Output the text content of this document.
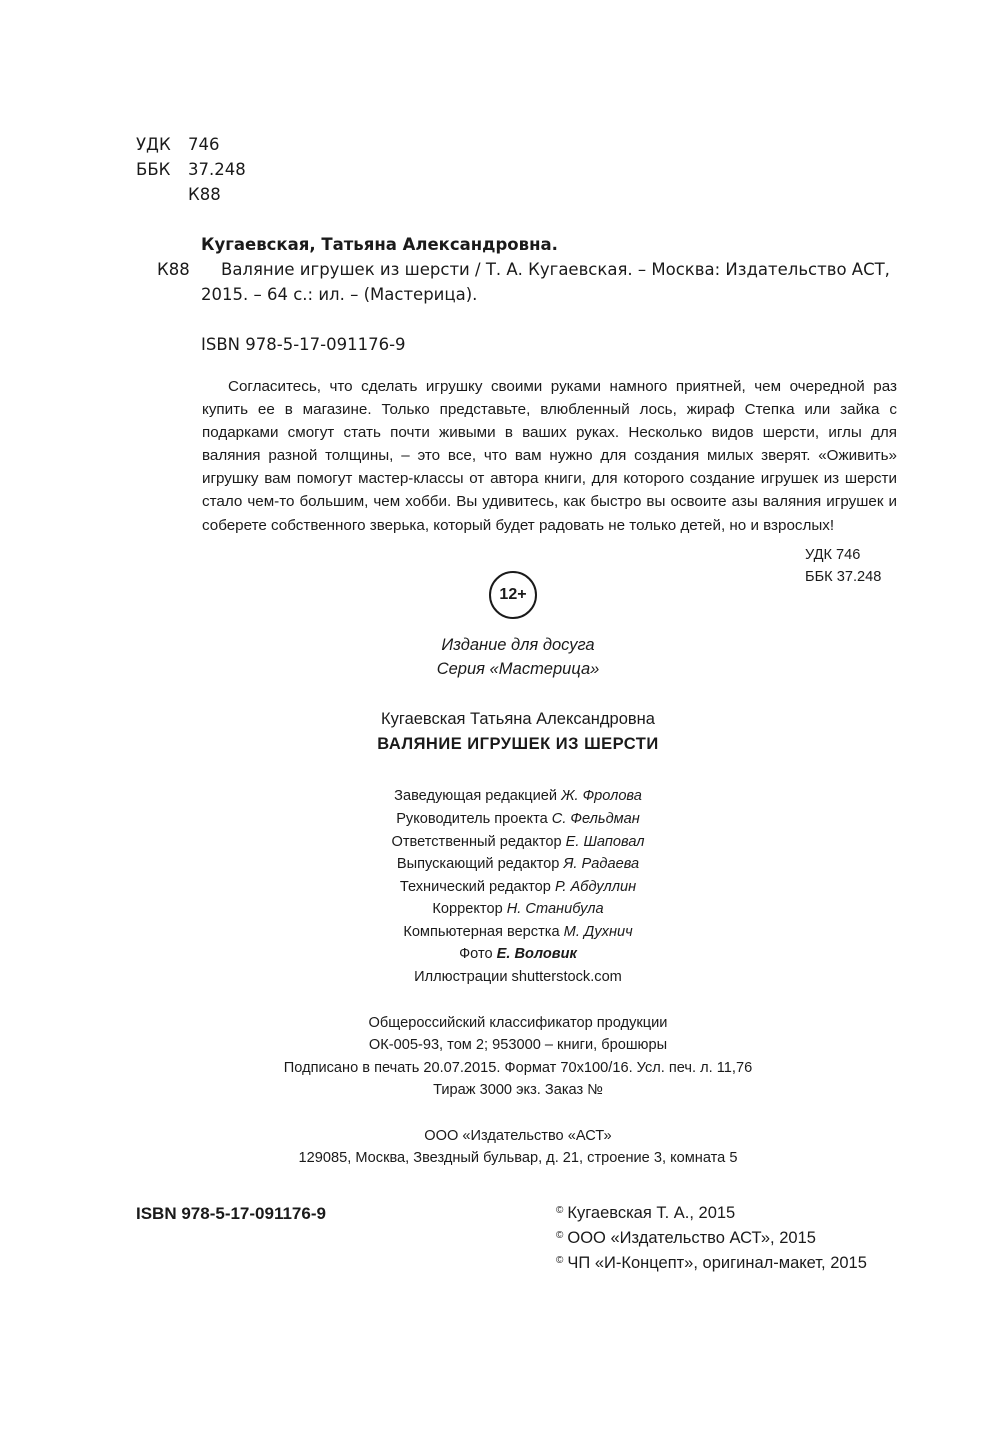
УДК 746
ББК 37.248
К88
Кугаевская, Татьяна Александровна.
К88 Валяние игрушек из шерсти / Т. А. Кугаевская. – Москва: Издательство АСТ,
2015. – 64 с.: ил. – (Мастерица).
ISBN 978-5-17-091176-9

Согласитесь, что сделать игрушку своими руками намного приятней, чем очередной раз купить ее в магазине. Только представьте, влюбленный лось, жираф Степка или зайка с подарками смогут стать почти живыми в ваших руках. Несколько видов шерсти, иглы для валяния разной толщины, – это все, что вам нужно для создания милых зверят. «Оживить» игрушку вам помогут мастер-классы от автора книги, для которого создание игрушек из шерсти стало чем-то большим, чем хобби. Вы удивитесь, как быстро вы освоите азы валяния игрушек и соберете собственного зверька, который будет радовать не только детей, но и взрослых!

УДК 746
ББК 37.248
12+
Издание для досуга
Серия «Мастерица»
Кугаевская Татьяна Александровна
ВАЛЯНИЕ ИГРУШЕК ИЗ ШЕРСТИ
Заведующая редакцией Ж. Фролова
Руководитель проекта С. Фельдман
Ответственный редактор Е. Шаповал
Выпускающий редактор Я. Радаева
Технический редактор Р. Абдуллин
Корректор Н. Станибула
Компьютерная верстка М. Духнич
Фото Е. Воловик
Иллюстрации shutterstock.com
Общероссийский классификатор продукции
ОК-005-93, том 2; 953000 – книги, брошюры
Подписано в печать 20.07.2015. Формат 70x100/16. Усл. печ. л. 11,76
Тираж 3000 экз. Заказ №
ООО «Издательство «АСТ»
129085, Москва, Звездный бульвар, д. 21, строение 3, комната 5
ISBN 978-5-17-091176-9	© Кугаевская Т. А., 2015
© ООО «Издательство АСТ», 2015
© ЧП «И-Концепт», оригинал-макет, 2015
